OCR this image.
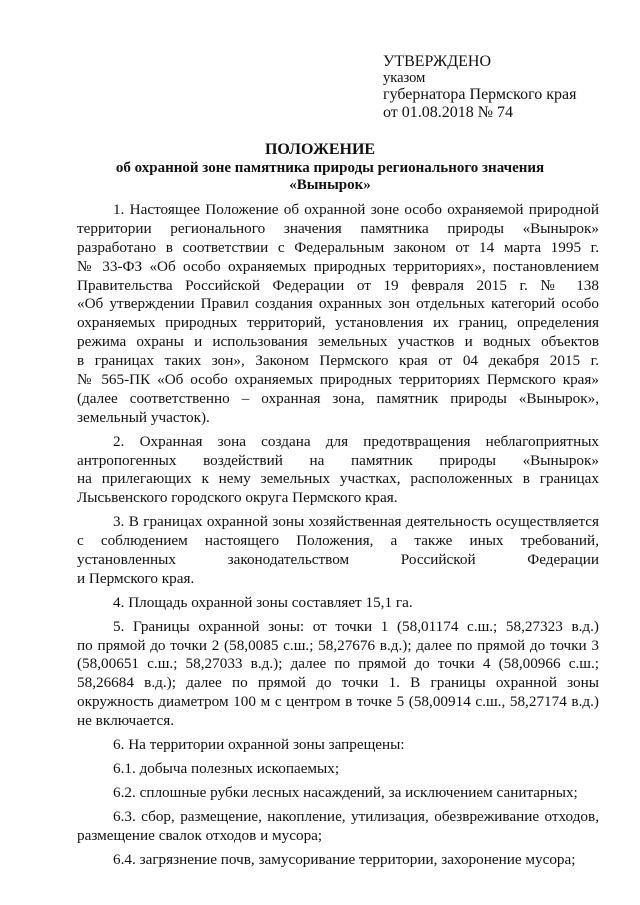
УТВЕРЖДЕНО
указом
губернатора Пермского края
от 01.08.2018 № 74
ПОЛОЖЕНИЕ
об охранной зоне памятника природы регионального значения
«Вынырок»
1. Настоящее Положение об охранной зоне особо охраняемой природной
территории регионального значения памятника природы «Вынырок»
разработано в соответствии с Федеральным законом от 14 марта 1995 г.
№ 33-ФЗ «Об особо охраняемых природных территориях», постановлением
Правительства Российской Федерации от 19 февраля 2015 г. № 138
«Об утверждении Правил создания охранных зон отдельных категорий особо
охраняемых природных территорий, установления их границ, определения
режима охраны и использования земельных участков и водных объектов
в границах таких зон», Законом Пермского края от 04 декабря 2015 г.
№ 565-ПК «Об особо охраняемых природных территориях Пермского края»
(далее соответственно – охранная зона, памятник природы «Вынырок»,
земельный участок).
2. Охранная зона создана для предотвращения неблагоприятных
антропогенных воздействий на памятник природы «Вынырок»
на прилегающих к нему земельных участках, расположенных в границах
Лысьвенского городского округа Пермского края.
3. В границах охранной зоны хозяйственная деятельность осуществляется
с соблюдением настоящего Положения, а также иных требований,
установленных законодательством Российской Федерации
и Пермского края.
4. Площадь охранной зоны составляет 15,1 га.
5. Границы охранной зоны: от точки 1 (58,01174 с.ш.; 58,27323 в.д.)
по прямой до точки 2 (58,0085 с.ш.; 58,27676 в.д.); далее по прямой до точки 3
(58,00651 с.ш.; 58,27033 в.д.); далее по прямой до точки 4 (58,00966 с.ш.;
58,26684 в.д.); далее по прямой до точки 1. В границы охранной зоны
окружность диаметром 100 м с центром в точке 5 (58,00914 с.ш., 58,27174 в.д.)
не включается.
6. На территории охранной зоны запрещены:
6.1. добыча полезных ископаемых;
6.2. сплошные рубки лесных насаждений, за исключением санитарных;
6.3. сбор, размещение, накопление, утилизация, обезвреживание отходов,
размещение свалок отходов и мусора;
6.4. загрязнение почв, замусоривание территории, захоронение мусора;
